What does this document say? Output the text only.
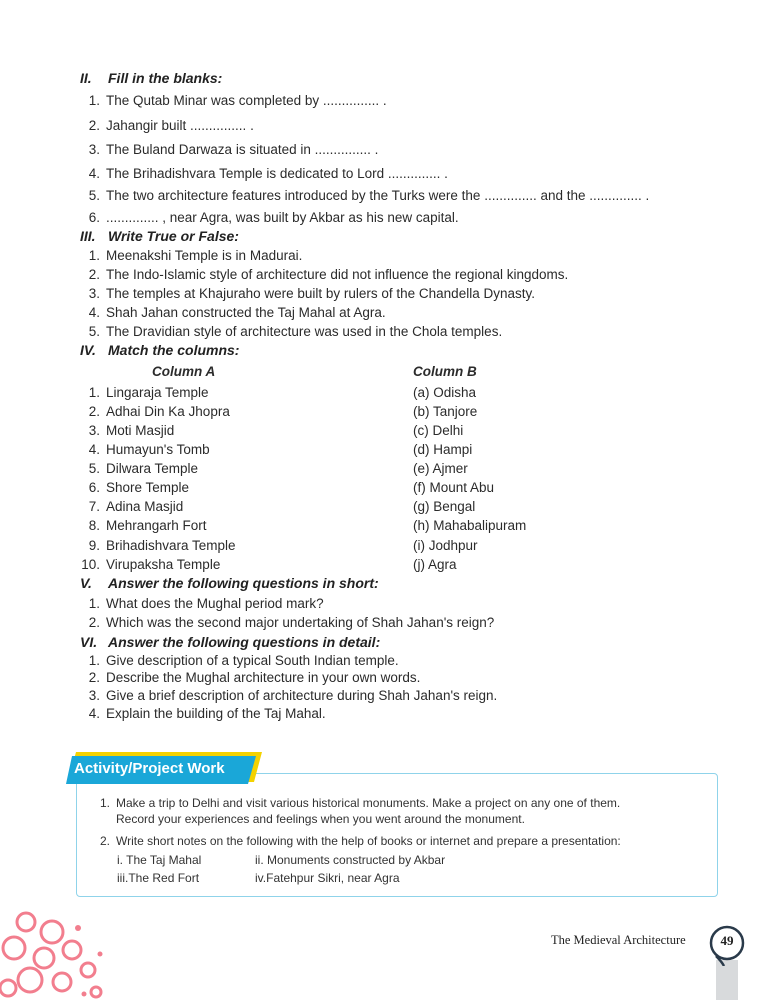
II. Fill in the blanks:
1. The Qutab Minar was completed by ............... .
2. Jahangir built ............... .
3. The Buland Darwaza is situated in ............... .
4. The Brihadishvara Temple is dedicated to Lord .............. .
5. The two architecture features introduced by the Turks were the .............. and the .............. .
6. .............. , near Agra, was built by Akbar as his new capital.
III. Write True or False:
1. Meenakshi Temple is in Madurai.
2. The Indo-Islamic style of architecture did not influence the regional kingdoms.
3. The temples at Khajuraho were built by rulers of the Chandella Dynasty.
4. Shah Jahan constructed the Taj Mahal at Agra.
5. The Dravidian style of architecture was used in the Chola temples.
IV. Match the columns:
Column A	Column B
1. Lingaraja Temple	(a) Odisha
2. Adhai Din Ka Jhopra	(b) Tanjore
3. Moti Masjid	(c) Delhi
4. Humayun's Tomb	(d) Hampi
5. Dilwara Temple	(e) Ajmer
6. Shore Temple	(f) Mount Abu
7. Adina Masjid	(g) Bengal
8. Mehrangarh Fort	(h) Mahabalipuram
9. Brihadishvara Temple	(i) Jodhpur
10. Virupaksha Temple	(j) Agra
V. Answer the following questions in short:
1. What does the Mughal period mark?
2. Which was the second major undertaking of Shah Jahan's reign?
VI. Answer the following questions in detail:
1. Give description of a typical South Indian temple.
2. Describe the Mughal architecture in your own words.
3. Give a brief description of architecture during Shah Jahan's reign.
4. Explain the building of the Taj Mahal.
Activity/Project Work
1. Make a trip to Delhi and visit various historical monuments. Make a project on any one of them.
Record your experiences and feelings when you went around the monument.
2. Write short notes on the following with the help of books or internet and prepare a presentation:
i. The Taj Mahal	ii. Monuments constructed by Akbar
iii.The Red Fort	iv.Fatehpur Sikri, near Agra
The Medieval Architecture	49
